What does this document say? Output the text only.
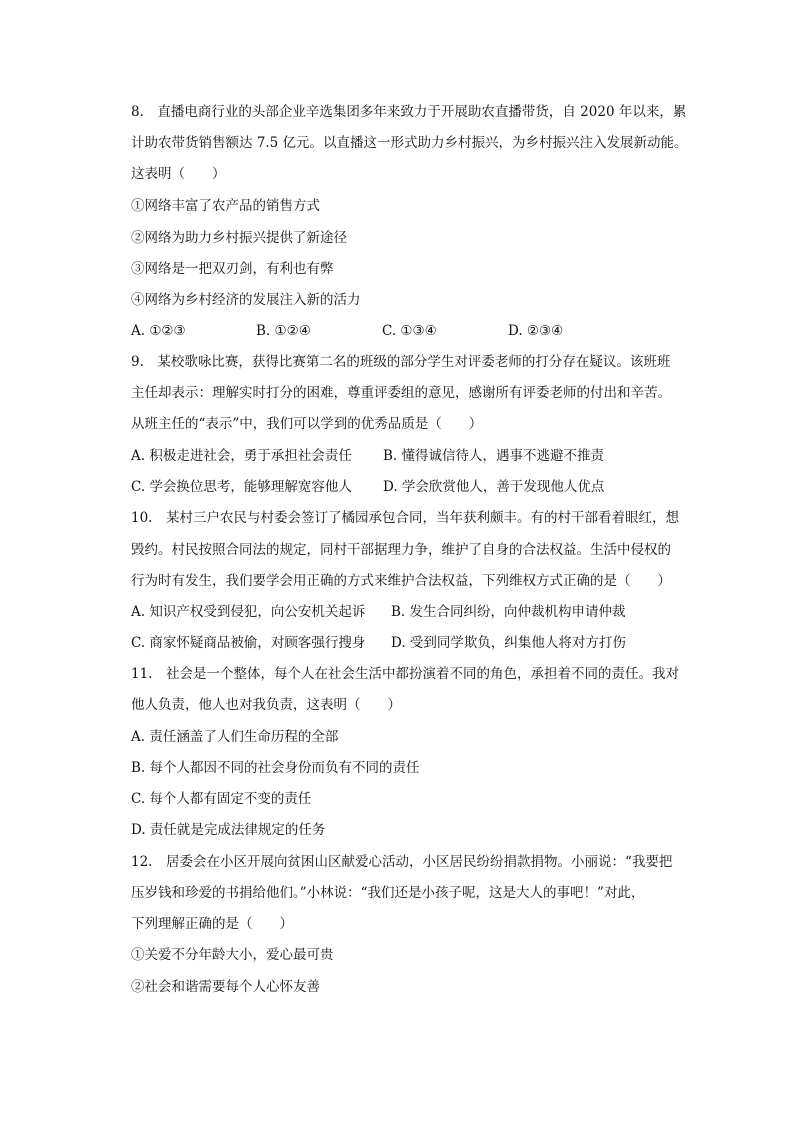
8.　直播电商行业的头部企业辛选集团多年来致力于开展助农直播带货，自 2020 年以来，累
计助农带货销售额达 7.5 亿元。以直播这一形式助力乡村振兴，为乡村振兴注入发展新动能。
这表明（　　）
①网络丰富了农产品的销售方式
②网络为助力乡村振兴提供了新途径
③网络是一把双刃剑，有利也有弊
④网络为乡村经济的发展注入新的活力
A. ①②③	B. ①②④	C. ①③④	D. ②③④
9.　某校歌咏比赛，获得比赛第二名的班级的部分学生对评委老师的打分存在疑议。该班班
主任却表示：理解实时打分的困难，尊重评委组的意见，感谢所有评委老师的付出和辛苦。
从班主任的“表示”中，我们可以学到的优秀品质是（　　）
A. 积极走进社会，勇于承担社会责任 B. 懂得诚信待人，遇事不逃避不推责
C. 学会换位思考，能够理解宽容他人 D. 学会欣赏他人，善于发现他人优点
10.　某村三户农民与村委会签订了橘园承包合同，当年获利颇丰。有的村干部看着眼红，想
毁约。村民按照合同法的规定，同村干部据理力争，维护了自身的合法权益。生活中侵权的
行为时有发生，我们要学会用正确的方式来维护合法权益，下列维权方式正确的是（　　）
A. 知识产权受到侵犯，向公安机关起诉 B. 发生合同纠纷，向仲裁机构申请仲裁
C. 商家怀疑商品被偷，对顾客强行搜身 D. 受到同学欺负，纠集他人将对方打伤
11.　社会是一个整体，每个人在社会生活中都扮演着不同的角色，承担着不同的责任。我对
他人负责，他人也对我负责，这表明（　　）
A. 责任涵盖了人们生命历程的全部
B. 每个人都因不同的社会身份而负有不同的责任
C. 每个人都有固定不变的责任
D. 责任就是完成法律规定的任务
12.　居委会在小区开展向贫困山区献爱心活动，小区居民纷纷捐款捐物。小丽说：“我要把
压岁钱和珍爱的书捐给他们。”小林说：“我们还是小孩子呢，这是大人的事吧！”对此，
下列理解正确的是（　　）
①关爱不分年龄大小，爱心最可贵
②社会和谐需要每个人心怀友善
